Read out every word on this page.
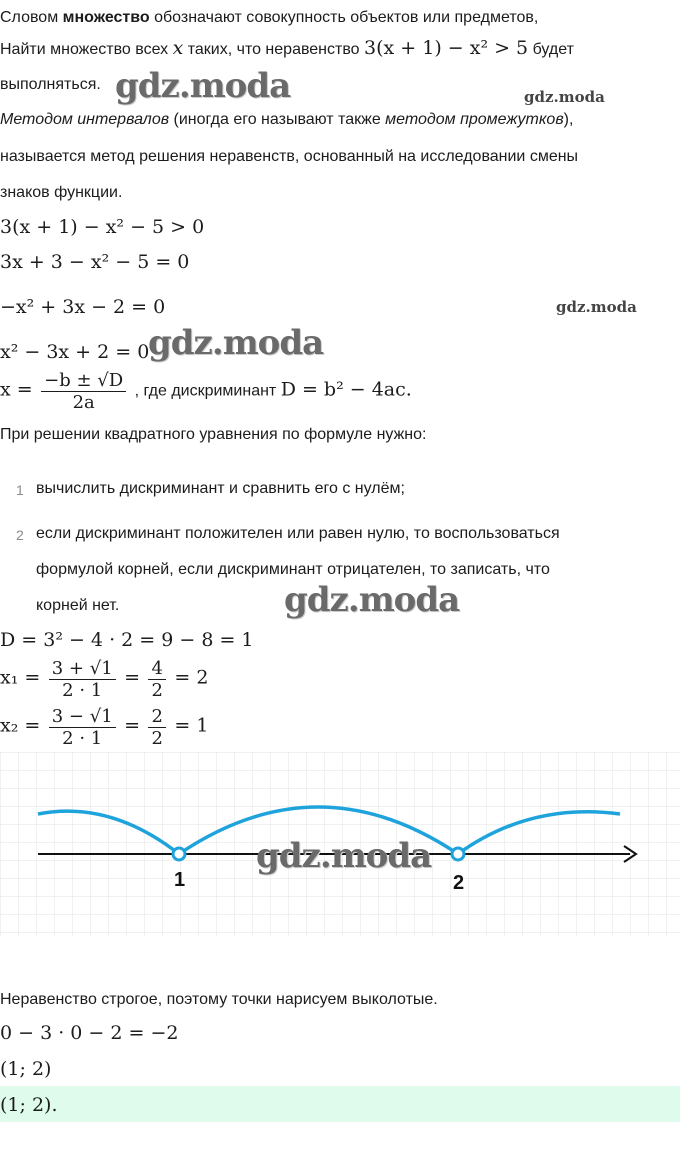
Словом множество обозначают совокупность объектов или предметов,
Найти множество всех x таких, что неравенство 3(x + 1) − x² > 5 будет
выполняться.
Методом интервалов (иногда его называют также методом промежутков),
называется метод решения неравенств, основанный на исследовании смены
знаков функции.
3(x + 1) − x² − 5 > 0
3x + 3 − x² − 5 = 0
−x² + 3x − 2 = 0
x² − 3x + 2 = 0
$x = \frac{-b \pm √D}{2a}$ , где дискриминант D = b² − 4ac.
При решении квадратного уравнения по формуле нужно:
1 вычислить дискриминант и сравнить его с нулём;
2 если дискриминант положителен или равен нулю, то воспользоваться
формулой корней, если дискриминант отрицателен, то записать, что
корней нет.
D = 3² − 4 · 2 = 9 − 8 = 1
$x_1 = \frac{3 + √1}{2 \cdot 1} = \frac{4}{2} = 2$
$x_2 = \frac{3 - √1}{2 \cdot 1} = \frac{2}{2} = 1$
1	2
Неравенство строгое, поэтому точки нарисуем выколотые.
0 − 3 · 0 − 2 = −2
(1; 2)
(1; 2).
gdz.moda	gdz.moda
gdz.moda
gdz.moda
gdz.moda
gdz.moda
